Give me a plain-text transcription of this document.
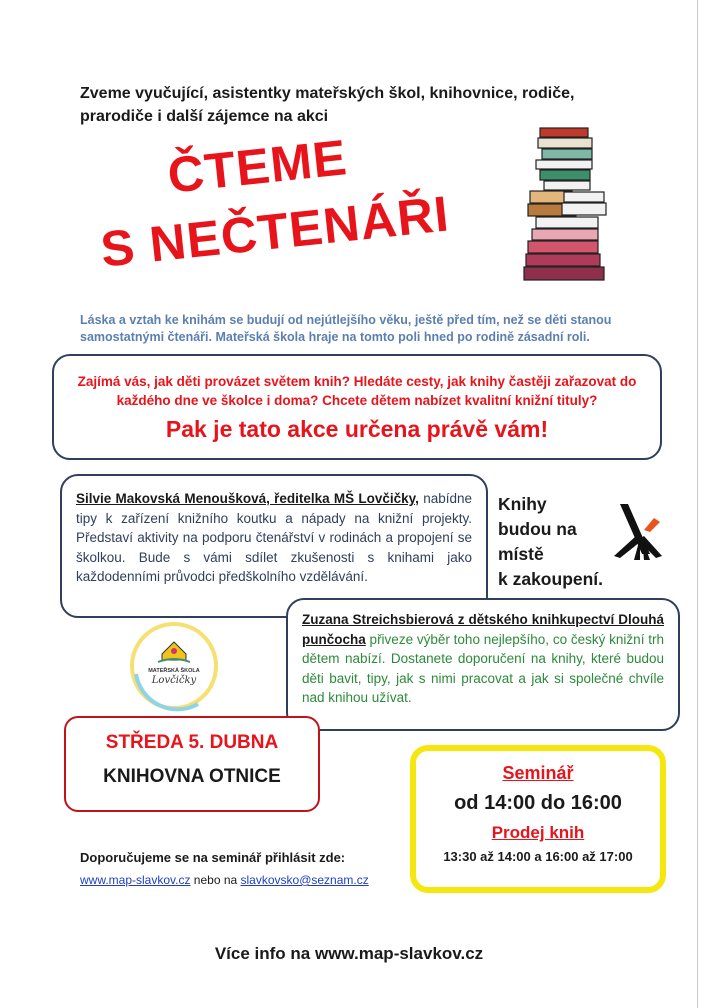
Zveme vyučující, asistentky mateřských škol, knihovnice, rodiče,
prarodiče i další zájemce na akci
ČTEME
S NEČTENÁŘI
Láska a vztah ke knihám se budují od nejútlejšího věku, ještě před tím, než se děti stanou samostatnými čtenáři. Mateřská škola hraje na tomto poli hned po rodině zásadní roli.
Zajímá vás, jak děti provázet světem knih? Hledáte cesty, jak knihy častěji zařazovat do každého dne ve školce i doma? Chcete dětem nabízet kvalitní knižní tituly?
Pak je tato akce určena právě vám!
Silvie Makovská Menoušková, ředitelka MŠ Lovčičky, nabídne tipy k zařízení knižního koutku a nápady na knižní projekty. Představí aktivity na podporu čtenářství v rodinách a propojení se školkou. Bude s vámi sdílet zkušenosti s knihami jako každodenními průvodci předškolního vzdělávání.
Knihy
budou na
místě
k zakoupení.
Zuzana Streichsbierová z dětského knihkupectví Dlouhá punčocha přiveze výběr toho nejlepšího, co český knižní trh dětem nabízí. Dostanete doporučení na knihy, které budou děti bavit, tipy, jak s nimi pracovat a jak si společné chvíle nad knihou užívat.
MATEŘSKÁ ŠKOLA
Lovčičky
STŘEDA 5. DUBNA
KNIHOVNA OTNICE	Seminář
od 14:00 do 16:00
Prodej knih
13:30 až 14:00 a 16:00 až 17:00
Doporučujeme se na seminář přihlásit zde:
www.map-slavkov.cz nebo na slavkovsko@seznam.cz
Více info na www.map-slavkov.cz
